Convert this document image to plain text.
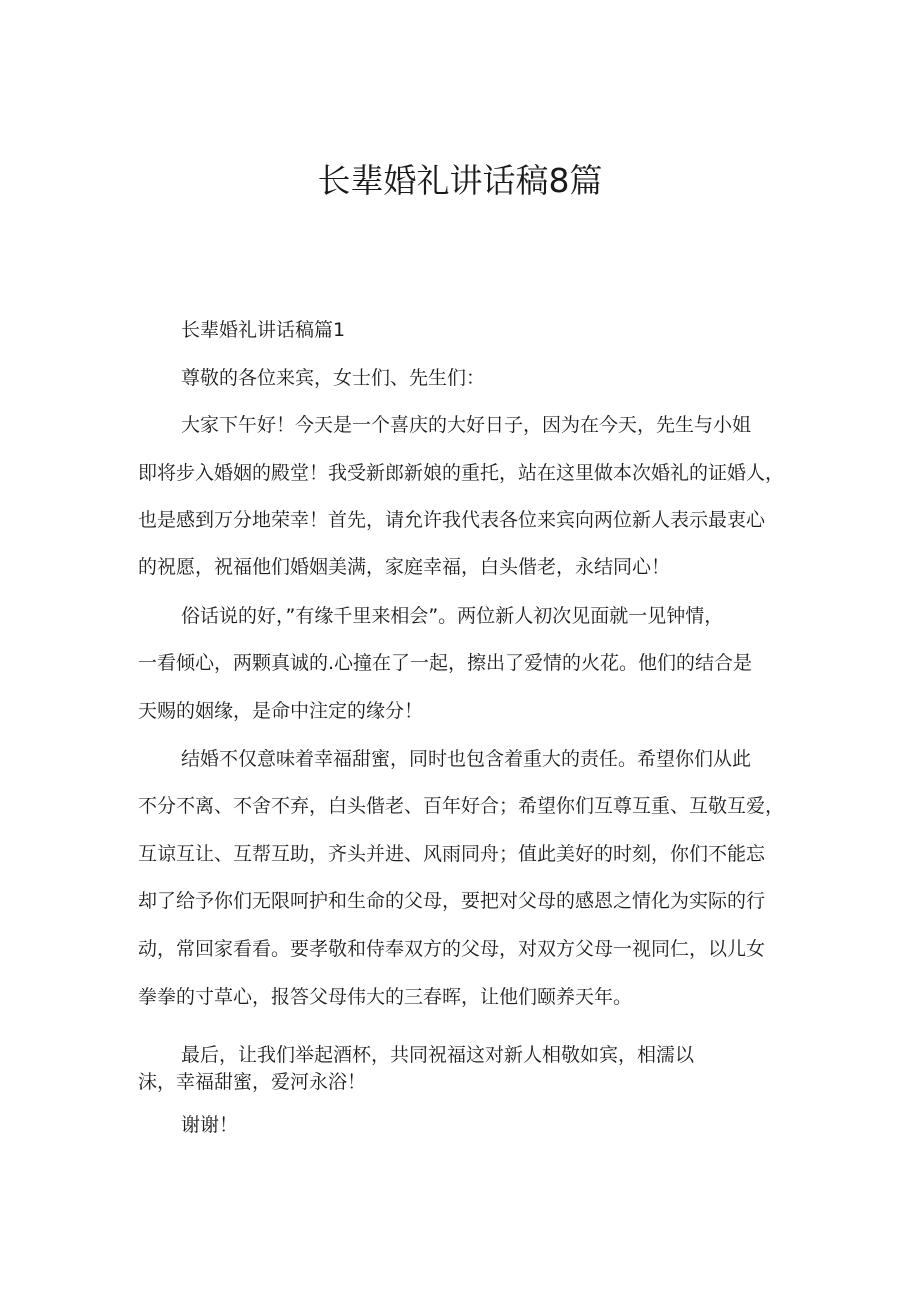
长辈婚礼讲话稿8篇
长辈婚礼讲话稿篇1
尊敬的各位来宾，女士们、先生们：
大家下午好！今天是一个喜庆的大好日子，因为在今天，先生与小姐
即将步入婚姻的殿堂！我受新郎新娘的重托，站在这里做本次婚礼的证婚人，
也是感到万分地荣幸！首先，请允许我代表各位来宾向两位新人表示最衷心
的祝愿，祝福他们婚姻美满，家庭幸福，白头偕老，永结同心！
俗话说的好，”有缘千里来相会”。两位新人初次见面就一见钟情，
一看倾心，两颗真诚的.心撞在了一起，擦出了爱情的火花。他们的结合是
天赐的姻缘，是命中注定的缘分！
结婚不仅意味着幸福甜蜜，同时也包含着重大的责任。希望你们从此
不分不离、不舍不弃，白头偕老、百年好合；希望你们互尊互重、互敬互爱，
互谅互让、互帮互助，齐头并进、风雨同舟；值此美好的时刻，你们不能忘
却了给予你们无限呵护和生命的父母，要把对父母的感恩之情化为实际的行
动，常回家看看。要孝敬和侍奉双方的父母，对双方父母一视同仁，以儿女
拳拳的寸草心，报答父母伟大的三春晖，让他们颐养天年。
最后，让我们举起酒杯，共同祝福这对新人相敬如宾，相濡以
沫，幸福甜蜜，爱河永浴！
谢谢！
